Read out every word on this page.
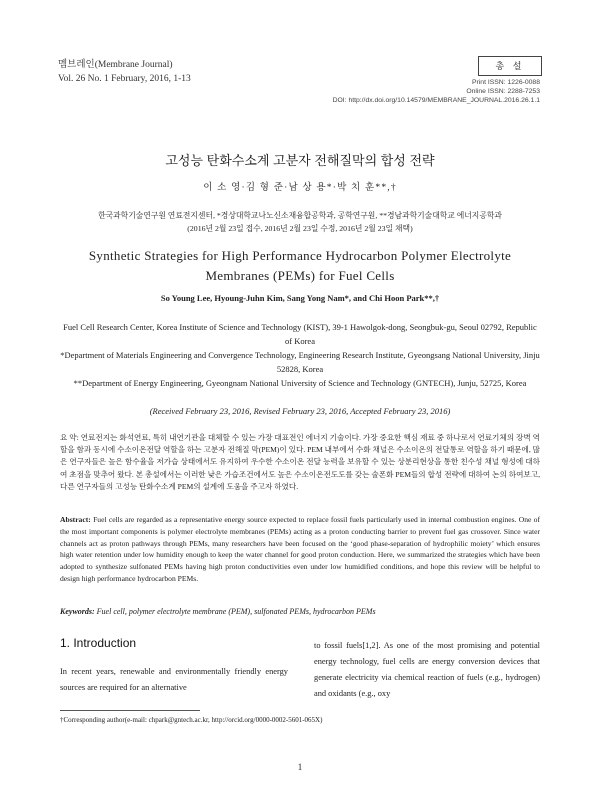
멤브레인(Membrane Journal)
Vol. 26 No. 1 February, 2016, 1-13
총 설
Print ISSN: 1226-0088
Online ISSN: 2288-7253
DOI: http://dx.doi.org/10.14579/MEMBRANE_JOURNAL.2016.26.1.1
고성능 탄화수소계 고분자 전해질막의 합성 전략
이 소 영·김 형 준·남 상 용*·박 치 훈**,†
한국과학기술연구원 연료전지센터, *경상대학교나노신소재융합공학과, 공학연구원, **경남과학기술대학교 에너지공학과
(2016년 2월 23일 접수, 2016년 2월 23일 수정, 2016년 2월 23일 채택)
Synthetic Strategies for High Performance Hydrocarbon Polymer Electrolyte Membranes (PEMs) for Fuel Cells
So Young Lee, Hyoung-Juhn Kim, Sang Yong Nam*, and Chi Hoon Park**,†

Fuel Cell Research Center, Korea Institute of Science and Technology (KIST), 39-1 Hawolgok-dong, Seongbuk-gu, Seoul 02792, Republic of Korea

*Department of Materials Engineering and Convergence Technology, Engineering Research Institute, Gyeongsang National University, Jinju 52828, Korea

**Department of Energy Engineering, Gyeongnam National University of Science and Technology (GNTECH), Junju, 52725, Korea

(Received February 23, 2016, Revised February 23, 2016, Accepted February 23, 2016)
요 약: 연료전지는 화석연료, 특히 내연기관을 대체할 수 있는 가장 대표전인 에너지 기술이다. 가장 중요한 핵심 재료 중 하나로서 연료기체의 장벽 역할을 함과 동시에 수소이온전달 역할을 하는 고분자 전해질 막(PEM)이 있다. PEM 내부에서 수화 채널은 수소이온의 전달통로 역할을 하기 때문에, 많은 연구자들은 높은 함수율을 저가습 상태에서도 유지하여 우수한 수소이온 전달 능력을 보유할 수 있는 상분리현상을 통한 친수성 채널 형성에 대하여 초점을 맞추어 왔다. 본 총설에서는 이러한 낮은 가습조건에서도 높은 수소이온전도도를 갖는 술폰화 PEM들의 합성 전략에 대하여 논의 하여보고, 다른 연구자들의 고성능 탄화수소계 PEM의 설계에 도움을 주고자 하였다.
Abstract: Fuel cells are regarded as a representative energy source expected to replace fossil fuels particularly used in internal combustion engines. One of the most important components is polymer electrolyte membranes (PEMs) acting as a proton conducting barrier to prevent fuel gas crossover. Since water channels act as proton pathways through PEMs, many researchers have been focused on the ‘good phase-separation of hydrophilic moiety’ which ensures high water retention under low humidity enough to keep the water channel for good proton conduction. Here, we summarized the strategies which have been adopted to synthesize sulfonated PEMs having high proton conductivities even under low humidified conditions, and hope this review will be helpful to design high performance hydrocarbon PEMs.
Keywords: Fuel cell, polymer electrolyte membrane (PEM), sulfonated PEMs, hydrocarbon PEMs
1. Introduction
In recent years, renewable and environmentally friendly energy sources are required for an alternative
to fossil fuels[1,2]. As one of the most promising and potential energy technology, fuel cells are energy conversion devices that generate electricity via chemical reaction of fuels (e.g., hydrogen) and oxidants (e.g., oxy
†Corresponding author(e-mail: chpark@gntech.ac.kr, http://orcid.org/0000-0002-5601-065X)
1
